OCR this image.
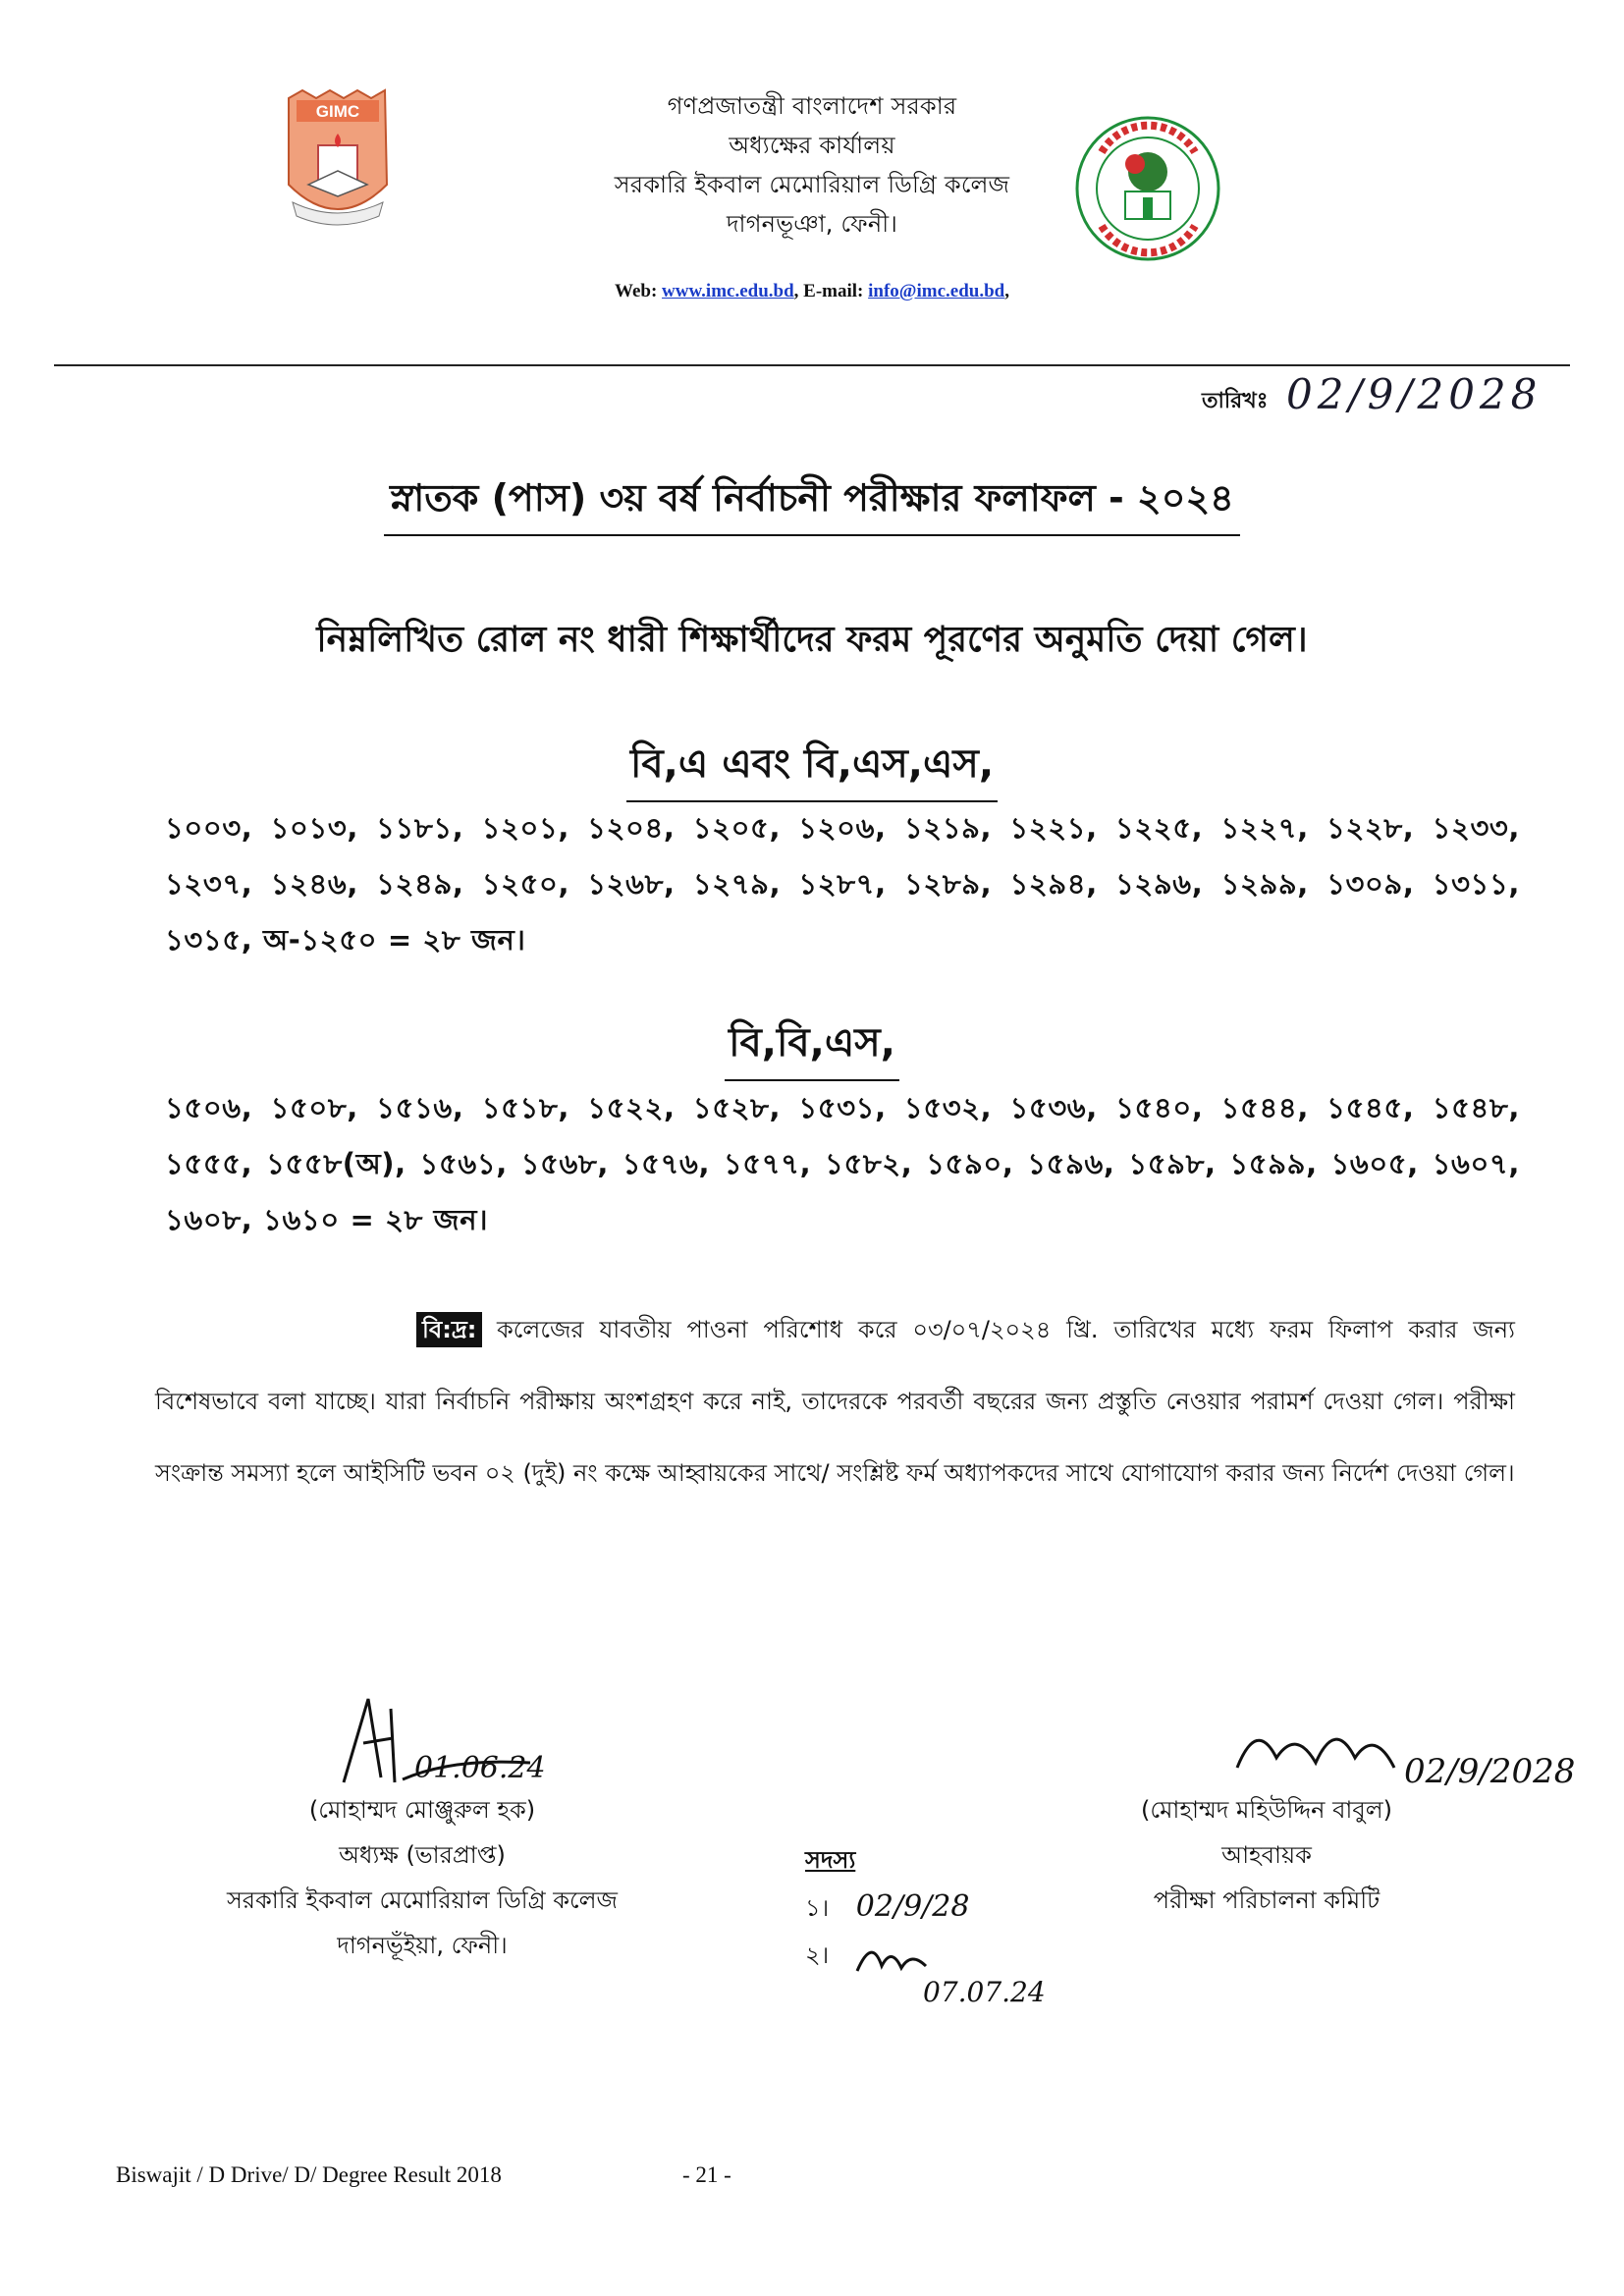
GIMC	গণপ্রজাতন্ত্রী বাংলাদেশ সরকার
অধ্যক্ষের কার্যালয়
সরকারি ইকবাল মেমোরিয়াল ডিগ্রি কলেজ
দাগনভূঞা, ফেনী।
Web: www.imc.edu.bd, E-mail: info@imc.edu.bd,
তারিখঃ 02/9/2028
স্নাতক (পাস) ৩য় বর্ষ নির্বাচনী পরীক্ষার ফলাফল - ২০২৪
নিম্নলিখিত রোল নং ধারী শিক্ষার্থীদের ফরম পূরণের অনুমতি দেয়া গেল।
বি,এ এবং বি,এস,এস,
১০০৩, ১০১৩, ১১৮১, ১২০১, ১২০৪, ১২০৫, ১২০৬, ১২১৯, ১২২১, ১২২৫, ১২২৭, ১২২৮, ১২৩৩, ১২৩৭, ১২৪৬, ১২৪৯, ১২৫০, ১২৬৮, ১২৭৯, ১২৮৭, ১২৮৯, ১২৯৪, ১২৯৬, ১২৯৯, ১৩০৯, ১৩১১, ১৩১৫, অ-১২৫০ = ২৮ জন।
বি,বি,এস,
১৫০৬, ১৫০৮, ১৫১৬, ১৫১৮, ১৫২২, ১৫২৮, ১৫৩১, ১৫৩২, ১৫৩৬, ১৫৪০, ১৫৪৪, ১৫৪৫, ১৫৪৮, ১৫৫৫, ১৫৫৮(অ), ১৫৬১, ১৫৬৮, ১৫৭৬, ১৫৭৭, ১৫৮২, ১৫৯০, ১৫৯৬, ১৫৯৮, ১৫৯৯, ১৬০৫, ১৬০৭, ১৬০৮, ১৬১০ = ২৮ জন।
বি:দ্র: কলেজের যাবতীয় পাওনা পরিশোধ করে ০৩/০৭/২০২৪ খ্রি. তারিখের মধ্যে ফরম ফিলাপ করার জন্য বিশেষভাবে বলা যাচ্ছে। যারা নির্বাচনি পরীক্ষায় অংশগ্রহণ করে নাই, তাদেরকে পরবর্তী বছরের জন্য প্রস্তুতি নেওয়ার পরামর্শ দেওয়া গেল। পরীক্ষা সংক্রান্ত সমস্যা হলে আইসিটি ভবন ০২ (দুই) নং কক্ষে আহ্বায়কের সাথে/ সংশ্লিষ্ট ফর্ম অধ্যাপকদের সাথে যোগাযোগ করার জন্য নির্দেশ দেওয়া গেল।
01.06.24
(মোহাম্মদ মোঞ্জুরুল হক)
অধ্যক্ষ (ভারপ্রাপ্ত)
সরকারি ইকবাল মেমোরিয়াল ডিগ্রি কলেজ
দাগনভূঁইয়া, ফেনী।
সদস্য
১। 02/9/28
২।
07.07.24
02/9/2028
(মোহাম্মদ মহিউদ্দিন বাবুল)
আহবায়ক
পরীক্ষা পরিচালনা কমিটি
Biswajit / D Drive/ D/ Degree Result 2018	- 21 -
